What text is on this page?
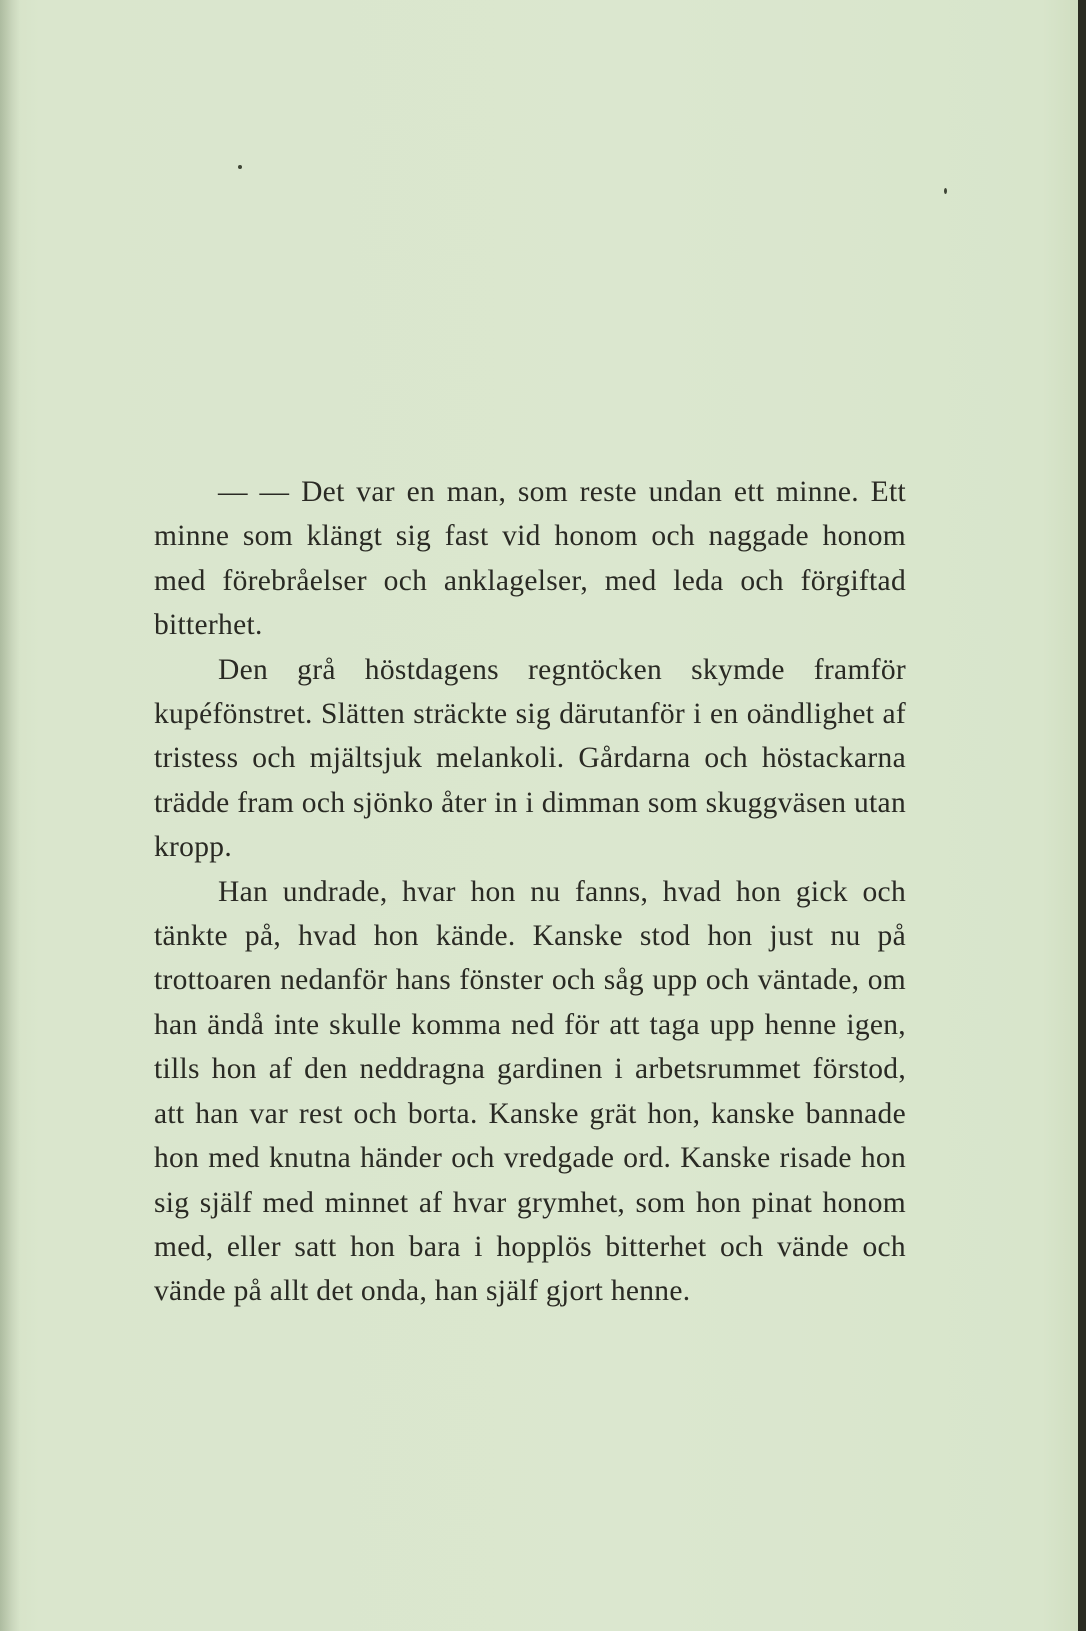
— — Det var en man, som reste undan ett minne. Ett minne som klängt sig fast vid honom och naggade honom med förebråelser och anklagelser, med leda och förgiftad bitterhet.

Den grå höstdagens regntöcken skymde framför kupéfönstret. Slätten sträckte sig därutanför i en oändlighet af tristess och mjältsjuk melankoli. Gårdarna och höstackarna trädde fram och sjönko åter in i dimman som skuggväsen utan kropp.

Han undrade, hvar hon nu fanns, hvad hon gick och tänkte på, hvad hon kände. Kanske stod hon just nu på trottoaren nedanför hans fönster och såg upp och väntade, om han ändå inte skulle komma ned för att taga upp henne igen, tills hon af den neddragna gardinen i arbetsrummet förstod, att han var rest och borta. Kanske grät hon, kanske bannade hon med knutna händer och vredgade ord. Kanske risade hon sig själf med minnet af hvar grymhet, som hon pinat honom med, eller satt hon bara i hopplös bitterhet och vände och vände på allt det onda, han själf gjort henne.
